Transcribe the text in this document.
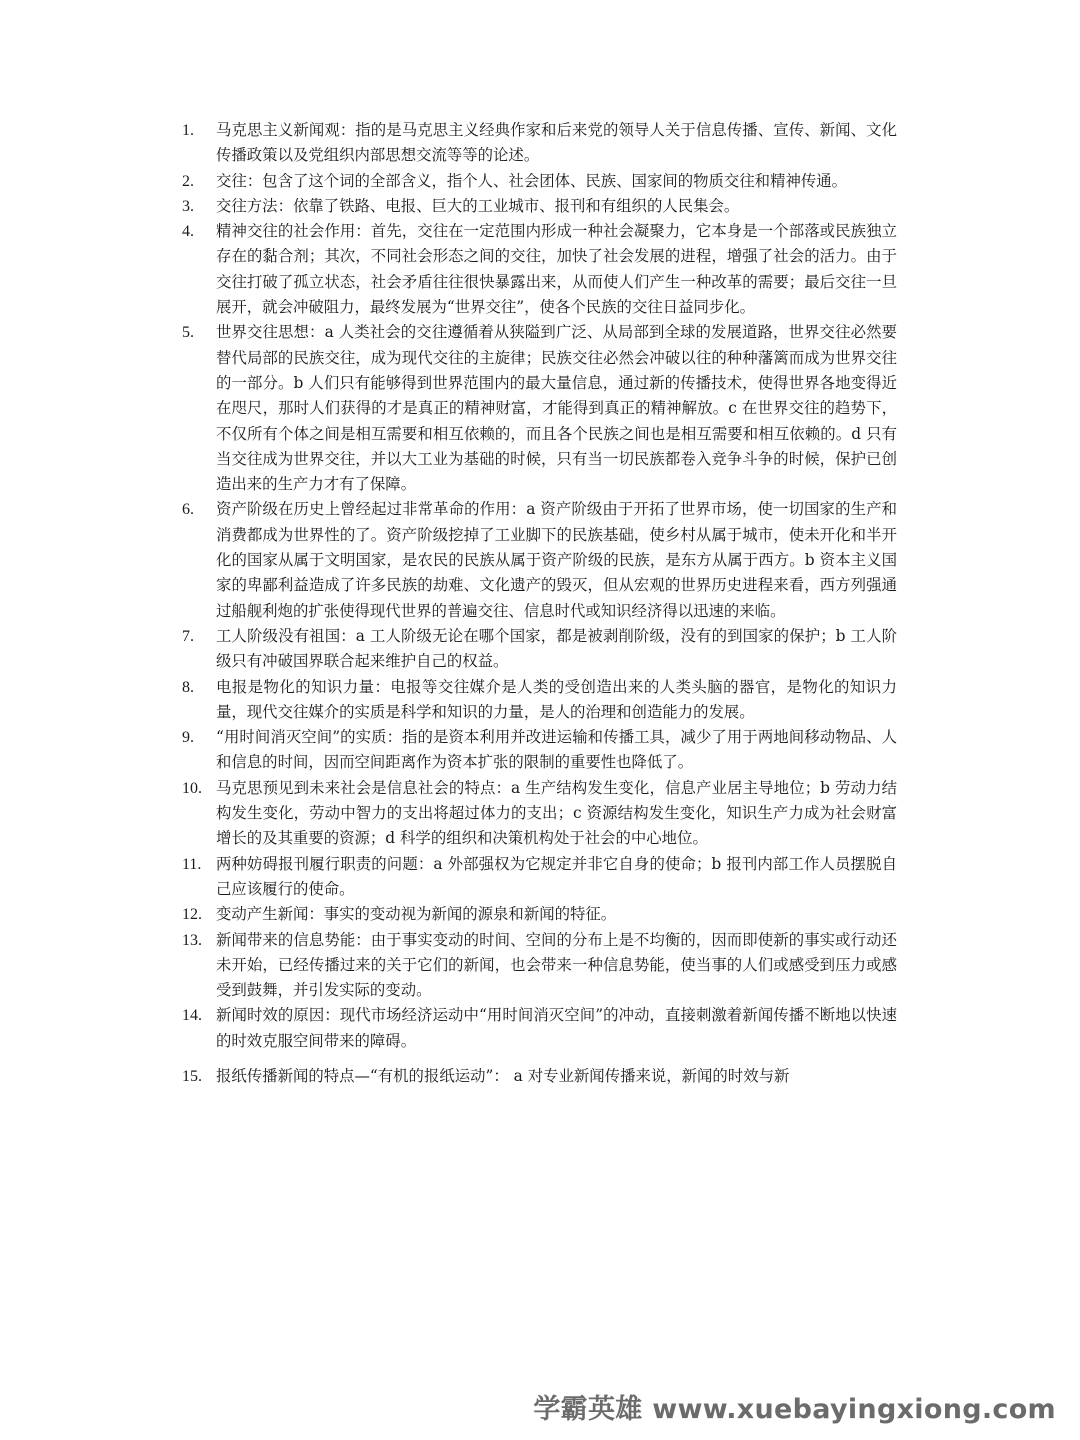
1.	马克思主义新闻观：指的是马克思主义经典作家和后来党的领导人关于信息传播、宣传、新闻、文化传播政策以及党组织内部思想交流等等的论述。
2.	交往：包含了这个词的全部含义，指个人、社会团体、民族、国家间的物质交往和精神传通。
3.	交往方法：依靠了铁路、电报、巨大的工业城市、报刊和有组织的人民集会。
4.	精神交往的社会作用：首先，交往在一定范围内形成一种社会凝聚力，它本身是一个部落或民族独立存在的黏合剂；其次，不同社会形态之间的交往，加快了社会发展的进程，增强了社会的活力。由于交往打破了孤立状态，社会矛盾往往很快暴露出来，从而使人们产生一种改革的需要；最后交往一旦展开，就会冲破阻力，最终发展为“世界交往”，使各个民族的交往日益同步化。
5.	世界交往思想：a 人类社会的交往遵循着从狭隘到广泛、从局部到全球的发展道路，世界交往必然要替代局部的民族交往，成为现代交往的主旋律；民族交往必然会冲破以往的种种藩篱而成为世界交往的一部分。b 人们只有能够得到世界范围内的最大量信息，通过新的传播技术，使得世界各地变得近在咫尺，那时人们获得的才是真正的精神财富，才能得到真正的精神解放。c 在世界交往的趋势下，不仅所有个体之间是相互需要和相互依赖的，而且各个民族之间也是相互需要和相互依赖的。d 只有当交往成为世界交往，并以大工业为基础的时候，只有当一切民族都卷入竞争斗争的时候，保护已创造出来的生产力才有了保障。
6.	资产阶级在历史上曾经起过非常革命的作用：a 资产阶级由于开拓了世界市场，使一切国家的生产和消费都成为世界性的了。资产阶级挖掉了工业脚下的民族基础，使乡村从属于城市，使未开化和半开化的国家从属于文明国家，是农民的民族从属于资产阶级的民族，是东方从属于西方。b 资本主义国家的卑鄙利益造成了许多民族的劫难、文化遗产的毁灭，但从宏观的世界历史进程来看，西方列强通过船舰利炮的扩张使得现代世界的普遍交往、信息时代或知识经济得以迅速的来临。
7.	工人阶级没有祖国：a 工人阶级无论在哪个国家，都是被剥削阶级，没有的到国家的保护；b 工人阶级只有冲破国界联合起来维护自己的权益。
8.	电报是物化的知识力量：电报等交往媒介是人类的受创造出来的人类头脑的器官，是物化的知识力量，现代交往媒介的实质是科学和知识的力量，是人的治理和创造能力的发展。
9.	“用时间消灭空间”的实质：指的是资本利用并改进运输和传播工具，减少了用于两地间移动物品、人和信息的时间，因而空间距离作为资本扩张的限制的重要性也降低了。
10. 马克思预见到未来社会是信息社会的特点：a 生产结构发生变化，信息产业居主导地位；b 劳动力结构发生变化，劳动中智力的支出将超过体力的支出；c 资源结构发生变化，知识生产力成为社会财富增长的及其重要的资源；d 科学的组织和决策机构处于社会的中心地位。
11. 两种妨碍报刊履行职责的问题：a 外部强权为它规定并非它自身的使命；b 报刊内部工作人员摆脱自己应该履行的使命。
12. 变动产生新闻：事实的变动视为新闻的源泉和新闻的特征。
13. 新闻带来的信息势能：由于事实变动的时间、空间的分布上是不均衡的，因而即使新的事实或行动还未开始，已经传播过来的关于它们的新闻，也会带来一种信息势能，使当事的人们或感受到压力或感受到鼓舞，并引发实际的变动。
14. 新闻时效的原因：现代市场经济运动中“用时间消灭空间”的冲动，直接刺激着新闻传播不断地以快速的时效克服空间带来的障碍。
15. 报纸传播新闻的特点—“有机的报纸运动”： a 对专业新闻传播来说，新闻的时效与新
学霸英雄 www.xuebayingxiong.com
